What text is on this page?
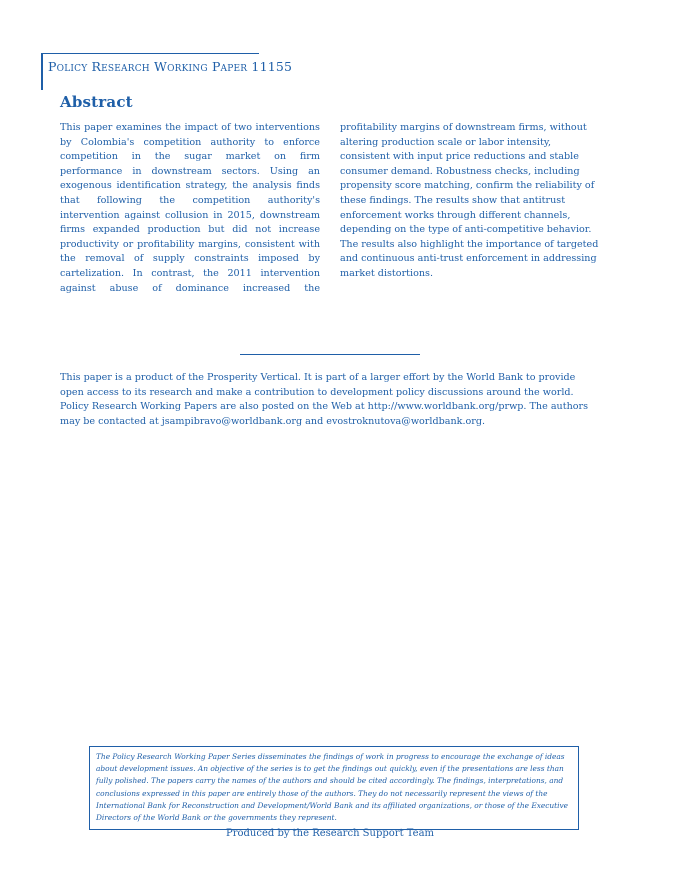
Policy Research Working Paper 11155
Abstract
This paper examines the impact of two interventions by Colombia's competition authority to enforce competition in the sugar market on firm performance in downstream sectors. Using an exogenous identification strategy, the analysis finds that following the competition authority's intervention against collusion in 2015, downstream firms expanded production but did not increase productivity or profitability margins, consistent with the removal of supply constraints imposed by cartelization. In contrast, the 2011 intervention against abuse of dominance increased the
profitability margins of downstream firms, without altering production scale or labor intensity, consistent with input price reductions and stable consumer demand. Robustness checks, including propensity score matching, confirm the reliability of these findings. The results show that antitrust enforcement works through different channels, depending on the type of anti-competitive behavior. The results also highlight the importance of targeted and continuous anti-trust enforcement in addressing market distortions.
This paper is a product of the Prosperity Vertical. It is part of a larger effort by the World Bank to provide open access to its research and make a contribution to development policy discussions around the world. Policy Research Working Papers are also posted on the Web at http://www.worldbank.org/prwp. The authors may be contacted at jsampibravo@worldbank.org and evostroknutova@worldbank.org.
The Policy Research Working Paper Series disseminates the findings of work in progress to encourage the exchange of ideas about development issues. An objective of the series is to get the findings out quickly, even if the presentations are less than fully polished. The papers carry the names of the authors and should be cited accordingly. The findings, interpretations, and conclusions expressed in this paper are entirely those of the authors. They do not necessarily represent the views of the International Bank for Reconstruction and Development/World Bank and its affiliated organizations, or those of the Executive Directors of the World Bank or the governments they represent.
Produced by the Research Support Team
